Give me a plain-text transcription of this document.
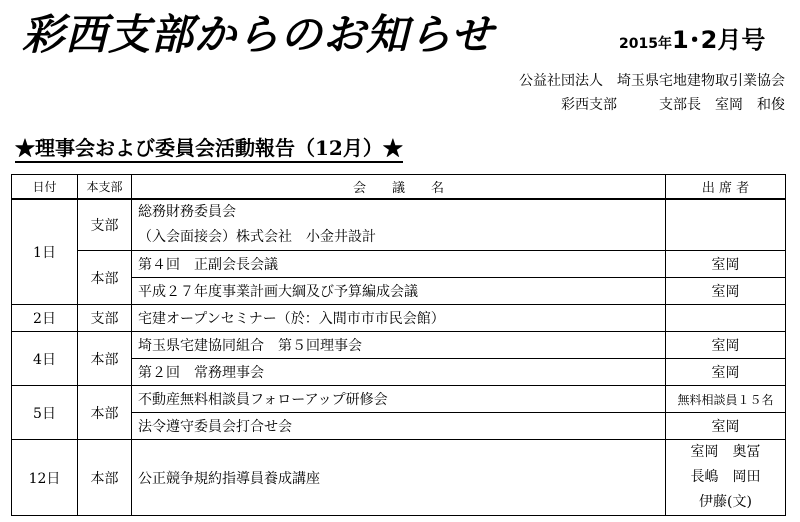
彩西支部からのお知らせ	2015年1･2月号
公益社団法人　埼玉県宅地建物取引業協会
彩西支部　　　支部長　室岡　和俊
★理事会および委員会活動報告（12月）★
日付	本支部	会　　議　　名	出 席 者
1日	支部	総務財務委員会
（入会面接会）株式会社　小金井設計	

	本部	第４回　正副会長会議	室岡
		平成２７年度事業計画大綱及び予算編成会議	室岡
2日	支部	宅建オープンセミナー（於：入間市市市民会館）	
4日	本部	埼玉県宅建協同組合　第５回理事会	室岡
		第２回　常務理事会	室岡
5日	本部	不動産無料相談員フォローアップ研修会	無料相談員１５名
		法令遵守委員会打合せ会	室岡
12日	本部	公正競争規約指導員養成講座	室岡　奥冨
長嶋　岡田
伊藤(文)
